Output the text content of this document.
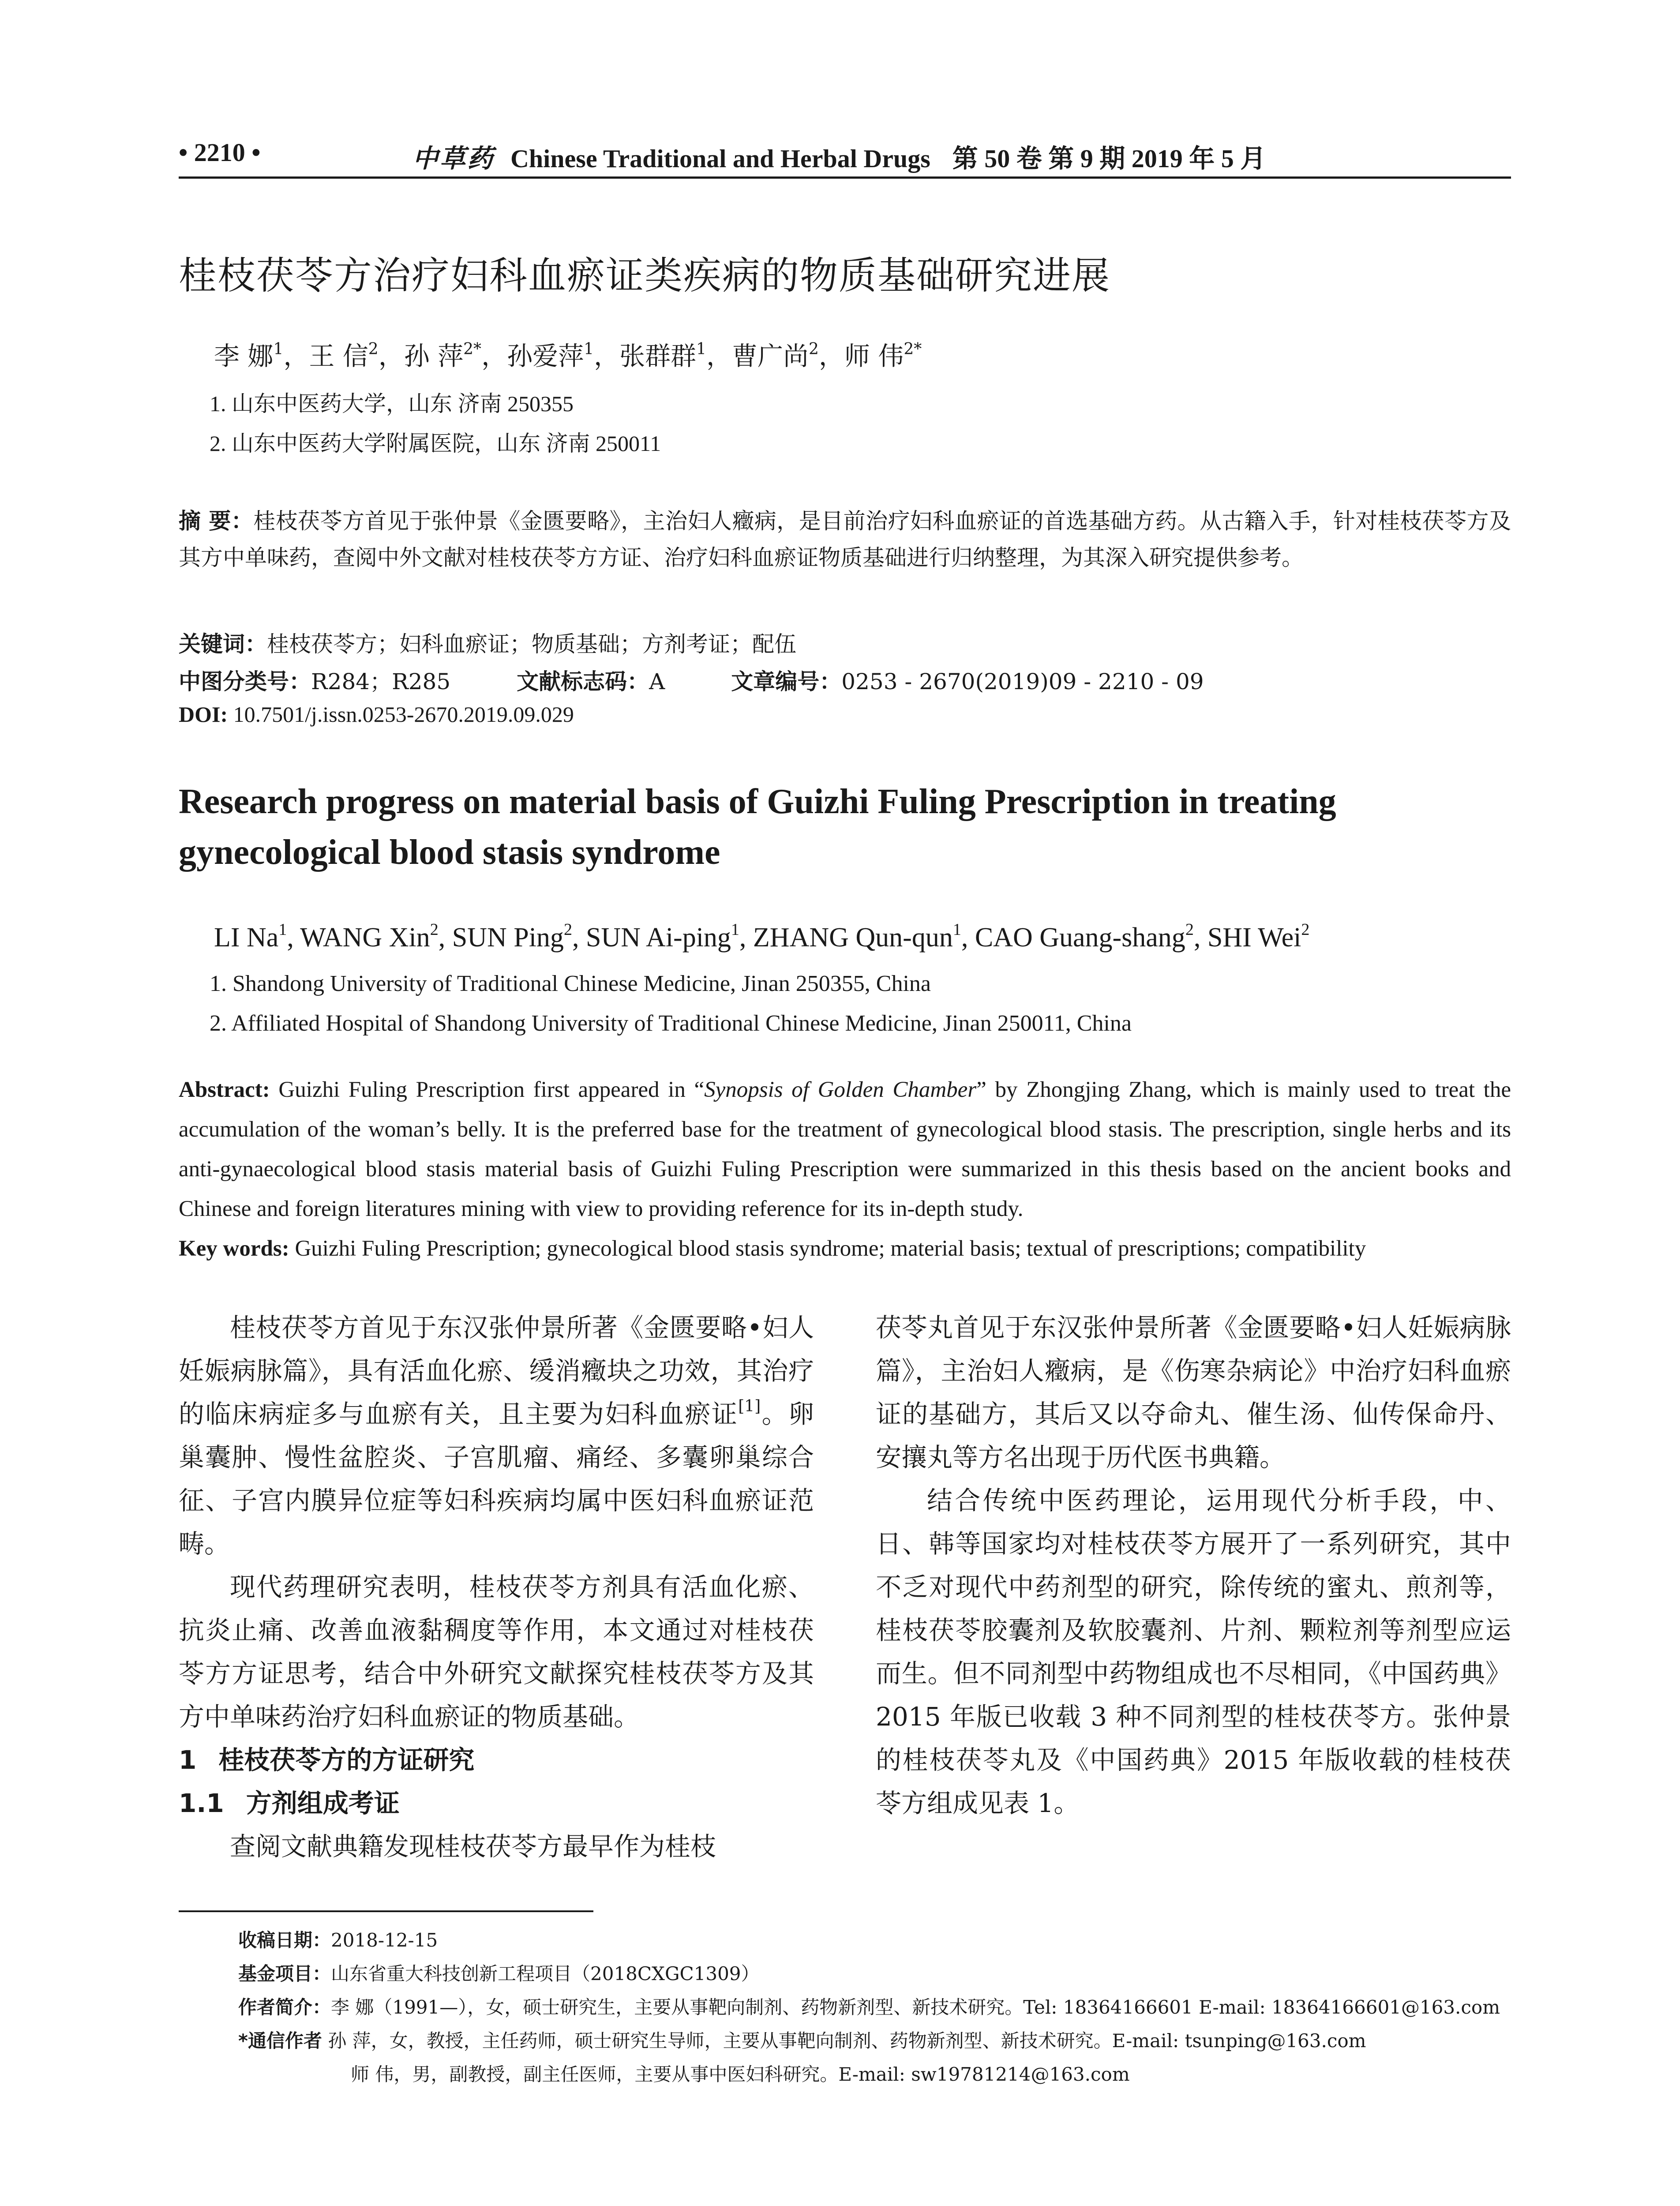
• 2210 •	中草药 Chinese Traditional and Herbal Drugs 第 50 卷 第 9 期 2019 年 5 月
桂枝茯苓方治疗妇科血瘀证类疾病的物质基础研究进展
李 娜$^1$，王 信$^2$，孙 萍$^{2*}$，孙爱萍$^1$，张群群$^1$，曹广尚$^2$，师 伟$^{2*}$
1. 山东中医药大学，山东 济南 250355
2. 山东中医药大学附属医院，山东 济南 250011
摘 要：桂枝茯苓方首见于张仲景《金匮要略》，主治妇人癥病，是目前治疗妇科血瘀证的首选基础方药。从古籍入手，针对桂枝茯苓方及其方中单味药，查阅中外文献对桂枝茯苓方方证、治疗妇科血瘀证物质基础进行归纳整理，为其深入研究提供参考。
关键词：桂枝茯苓方；妇科血瘀证；物质基础；方剂考证；配伍
中图分类号：R284；R285	文献标志码：A	文章编号：0253 - 2670(2019)09 - 2210 - 09
DOI: 10.7501/j.issn.0253-2670.2019.09.029
Research progress on material basis of Guizhi Fuling Prescription in treating gynecological blood stasis syndrome
LI Na$^1$, WANG Xin$^2$, SUN Ping$^2$, SUN Ai-ping$^1$, ZHANG Qun-qun$^1$, CAO Guang-shang$^2$, SHI Wei$^2$
1. Shandong University of Traditional Chinese Medicine, Jinan 250355, China
2. Affiliated Hospital of Shandong University of Traditional Chinese Medicine, Jinan 250011, China
Abstract: Guizhi Fuling Prescription first appeared in “Synopsis of Golden Chamber” by Zhongjing Zhang, which is mainly used to treat the accumulation of the woman’s belly. It is the preferred base for the treatment of gynecological blood stasis. The prescription, single herbs and its anti-gynaecological blood stasis material basis of Guizhi Fuling Prescription were summarized in this thesis based on the ancient books and Chinese and foreign literatures mining with view to providing reference for its in-depth study.
Key words: Guizhi Fuling Prescription; gynecological blood stasis syndrome; material basis; textual of prescriptions; compatibility

桂枝茯苓方首见于东汉张仲景所著《金匮要略•妇人妊娠病脉篇》，具有活血化瘀、缓消癥块之功效，其治疗的临床病症多与血瘀有关，且主要为妇科血瘀证[1]。卵巢囊肿、慢性盆腔炎、子宫肌瘤、痛经、多囊卵巢综合征、子宫内膜异位症等妇科疾病均属中医妇科血瘀证范畴。

现代药理研究表明，桂枝茯苓方剂具有活血化瘀、抗炎止痛、改善血液黏稠度等作用，本文通过对桂枝茯苓方方证思考，结合中外研究文献探究桂枝茯苓方及其方中单味药治疗妇科血瘀证的物质基础。

1 桂枝茯苓方的方证研究
1.1 方剂组成考证

查阅文献典籍发现桂枝茯苓方最早作为桂枝

茯苓丸首见于东汉张仲景所著《金匮要略•妇人妊娠病脉篇》，主治妇人癥病，是《伤寒杂病论》中治疗妇科血瘀证的基础方，其后又以夺命丸、催生汤、仙传保命丹、安攘丸等方名出现于历代医书典籍。

结合传统中医药理论，运用现代分析手段，中、日、韩等国家均对桂枝茯苓方展开了一系列研究，其中不乏对现代中药剂型的研究，除传统的蜜丸、煎剂等，桂枝茯苓胶囊剂及软胶囊剂、片剂、颗粒剂等剂型应运而生。但不同剂型中药物组成也不尽相同，《中国药典》2015 年版已收载 3 种不同剂型的桂枝茯苓方。张仲景的桂枝茯苓丸及《中国药典》2015 年版收载的桂枝茯苓方组成见表 1。

收稿日期：2018-12-15
基金项目：山东省重大科技创新工程项目（2018CXGC1309）
作者简介：李 娜（1991—），女，硕士研究生，主要从事靶向制剂、药物新剂型、新技术研究。Tel: 18364166601 E-mail: 18364166601@163.com
*通信作者 孙 萍，女，教授，主任药师，硕士研究生导师，主要从事靶向制剂、药物新剂型、新技术研究。E-mail: tsunping@163.com
师 伟，男，副教授，副主任医师，主要从事中医妇科研究。E-mail: sw19781214@163.com
